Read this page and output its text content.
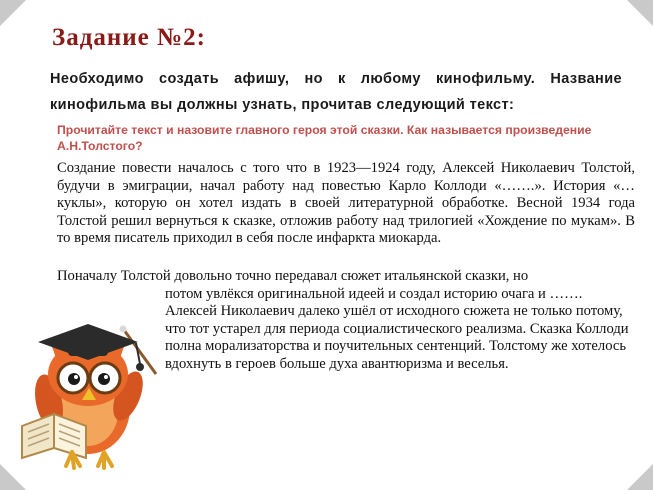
Задание №2:
Необходимо создать афишу, но к любому кинофильму. Название кинофильма вы должны узнать, прочитав следующий текст:
Прочитайте текст и назовите главного героя этой сказки. Как называется произведение А.Н.Толстого?
Создание повести началось с того что в 1923—1924 году, Алексей Николаевич Толстой, будучи в эмиграции, начал работу над повестью Карло Коллоди «…….». История «… куклы», которую он хотел издать в своей литературной обработке. Весной 1934 года Толстой решил вернуться к сказке, отложив работу над трилогией «Хождение по мукам». В то время писатель приходил в себя после инфаркта миокарда.
Поначалу Толстой довольно точно передавал сюжет итальянской сказки, но
потом увлёкся оригинальной идеей и создал историю очага и ……. Алексей Николаевич далеко ушёл от исходного сюжета не только потому, что тот устарел для периода социалистического реализма. Сказка Коллоди полна морализаторства и поучительных сентенций. Толстому же хотелось вдохнуть в героев больше духа авантюризма и веселья.
